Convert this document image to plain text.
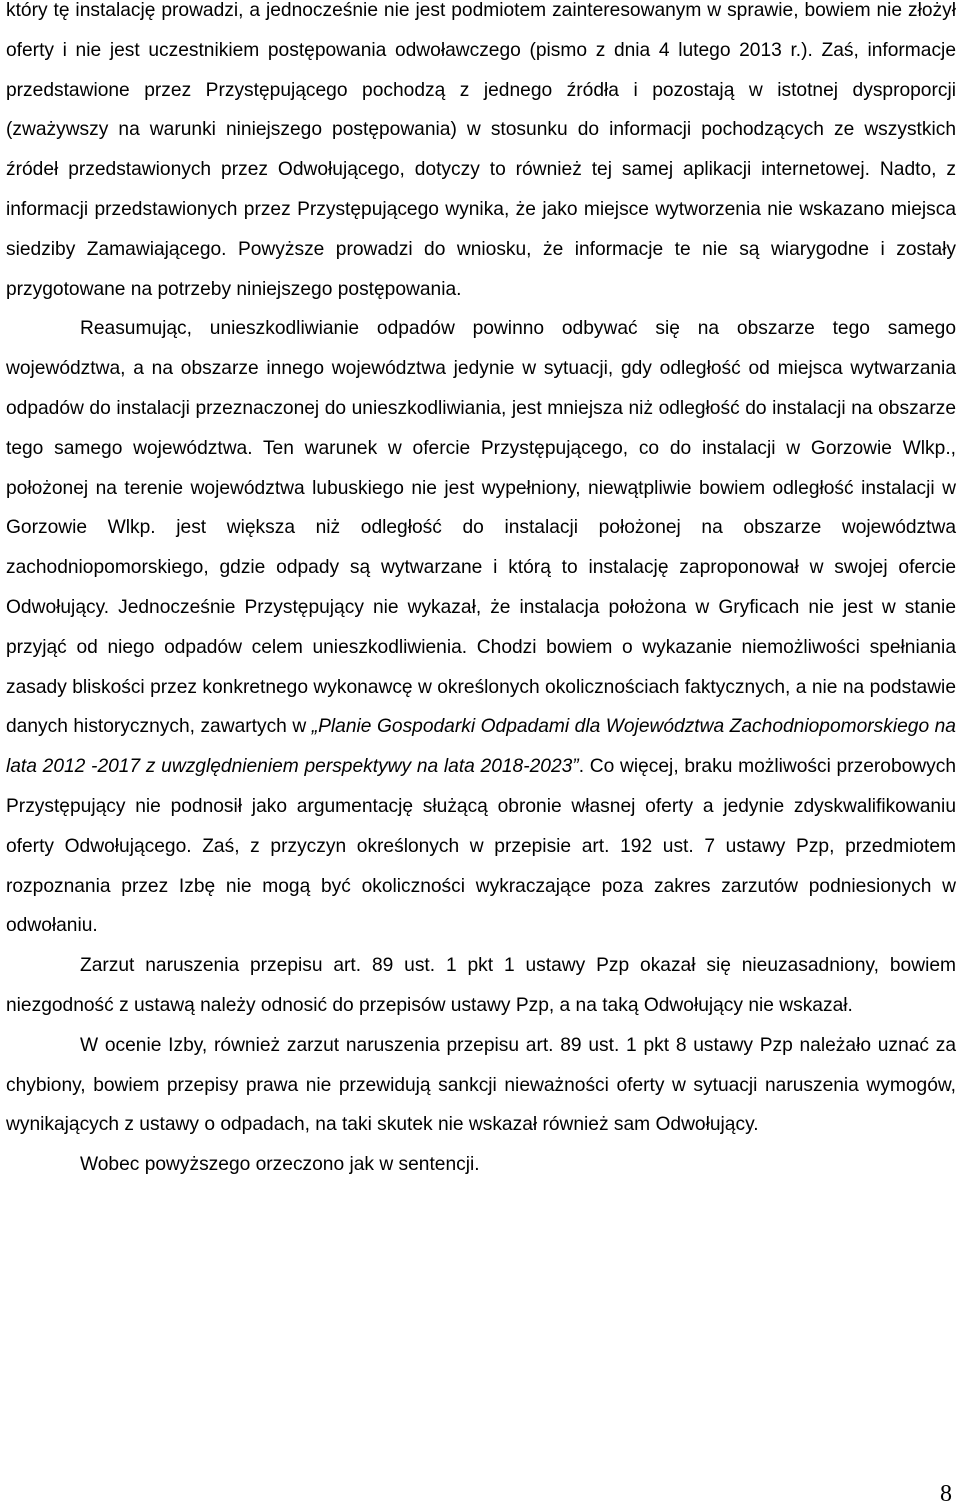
który tę instalację prowadzi, a jednocześnie nie jest podmiotem zainteresowanym w sprawie, bowiem nie złożył oferty i nie jest uczestnikiem postępowania odwoławczego (pismo z dnia 4 lutego 2013 r.). Zaś, informacje przedstawione przez Przystępującego pochodzą z jednego źródła i pozostają w istotnej dysproporcji (zważywszy na warunki niniejszego postępowania) w stosunku do informacji pochodzących ze wszystkich źródeł przedstawionych przez Odwołującego, dotyczy to również tej samej aplikacji internetowej. Nadto, z informacji przedstawionych przez Przystępującego wynika, że jako miejsce wytworzenia nie wskazano miejsca siedziby Zamawiającego. Powyższe prowadzi do wniosku, że informacje te nie są wiarygodne i zostały przygotowane na potrzeby niniejszego postępowania.

Reasumując, unieszkodliwianie odpadów powinno odbywać się na obszarze tego samego województwa, a na obszarze innego województwa jedynie w sytuacji, gdy odległość od miejsca wytwarzania odpadów do instalacji przeznaczonej do unieszkodliwiania, jest mniejsza niż odległość do instalacji na obszarze tego samego województwa. Ten warunek w ofercie Przystępującego, co do instalacji w Gorzowie Wlkp., położonej na terenie województwa lubuskiego nie jest wypełniony, niewątpliwie bowiem odległość instalacji w Gorzowie Wlkp. jest większa niż odległość do instalacji położonej na obszarze województwa zachodniopomorskiego, gdzie odpady są wytwarzane i którą to instalację zaproponował w swojej ofercie Odwołujący. Jednocześnie Przystępujący nie wykazał, że instalacja położona w Gryficach nie jest w stanie przyjąć od niego odpadów celem unieszkodliwienia. Chodzi bowiem o wykazanie niemożliwości spełniania zasady bliskości przez konkretnego wykonawcę w określonych okolicznościach faktycznych, a nie na podstawie danych historycznych, zawartych w „Planie Gospodarki Odpadami dla Województwa Zachodniopomorskiego na lata 2012 -2017 z uwzględnieniem perspektywy na lata 2018-2023”. Co więcej, braku możliwości przerobowych Przystępujący nie podnosił jako argumentację służącą obronie własnej oferty a jedynie zdyskwalifikowaniu oferty Odwołującego. Zaś, z przyczyn określonych w przepisie art. 192 ust. 7 ustawy Pzp, przedmiotem rozpoznania przez Izbę nie mogą być okoliczności wykraczające poza zakres zarzutów podniesionych w odwołaniu.

Zarzut naruszenia przepisu art. 89 ust. 1 pkt 1 ustawy Pzp okazał się nieuzasadniony, bowiem niezgodność z ustawą należy odnosić do przepisów ustawy Pzp, a na taką Odwołujący nie wskazał.

W ocenie Izby, również zarzut naruszenia przepisu art. 89 ust. 1 pkt 8 ustawy Pzp należało uznać za chybiony, bowiem przepisy prawa nie przewidują sankcji nieważności oferty w sytuacji naruszenia wymogów, wynikających z ustawy o odpadach, na taki skutek nie wskazał również sam Odwołujący.

Wobec powyższego orzeczono jak w sentencji.

8
